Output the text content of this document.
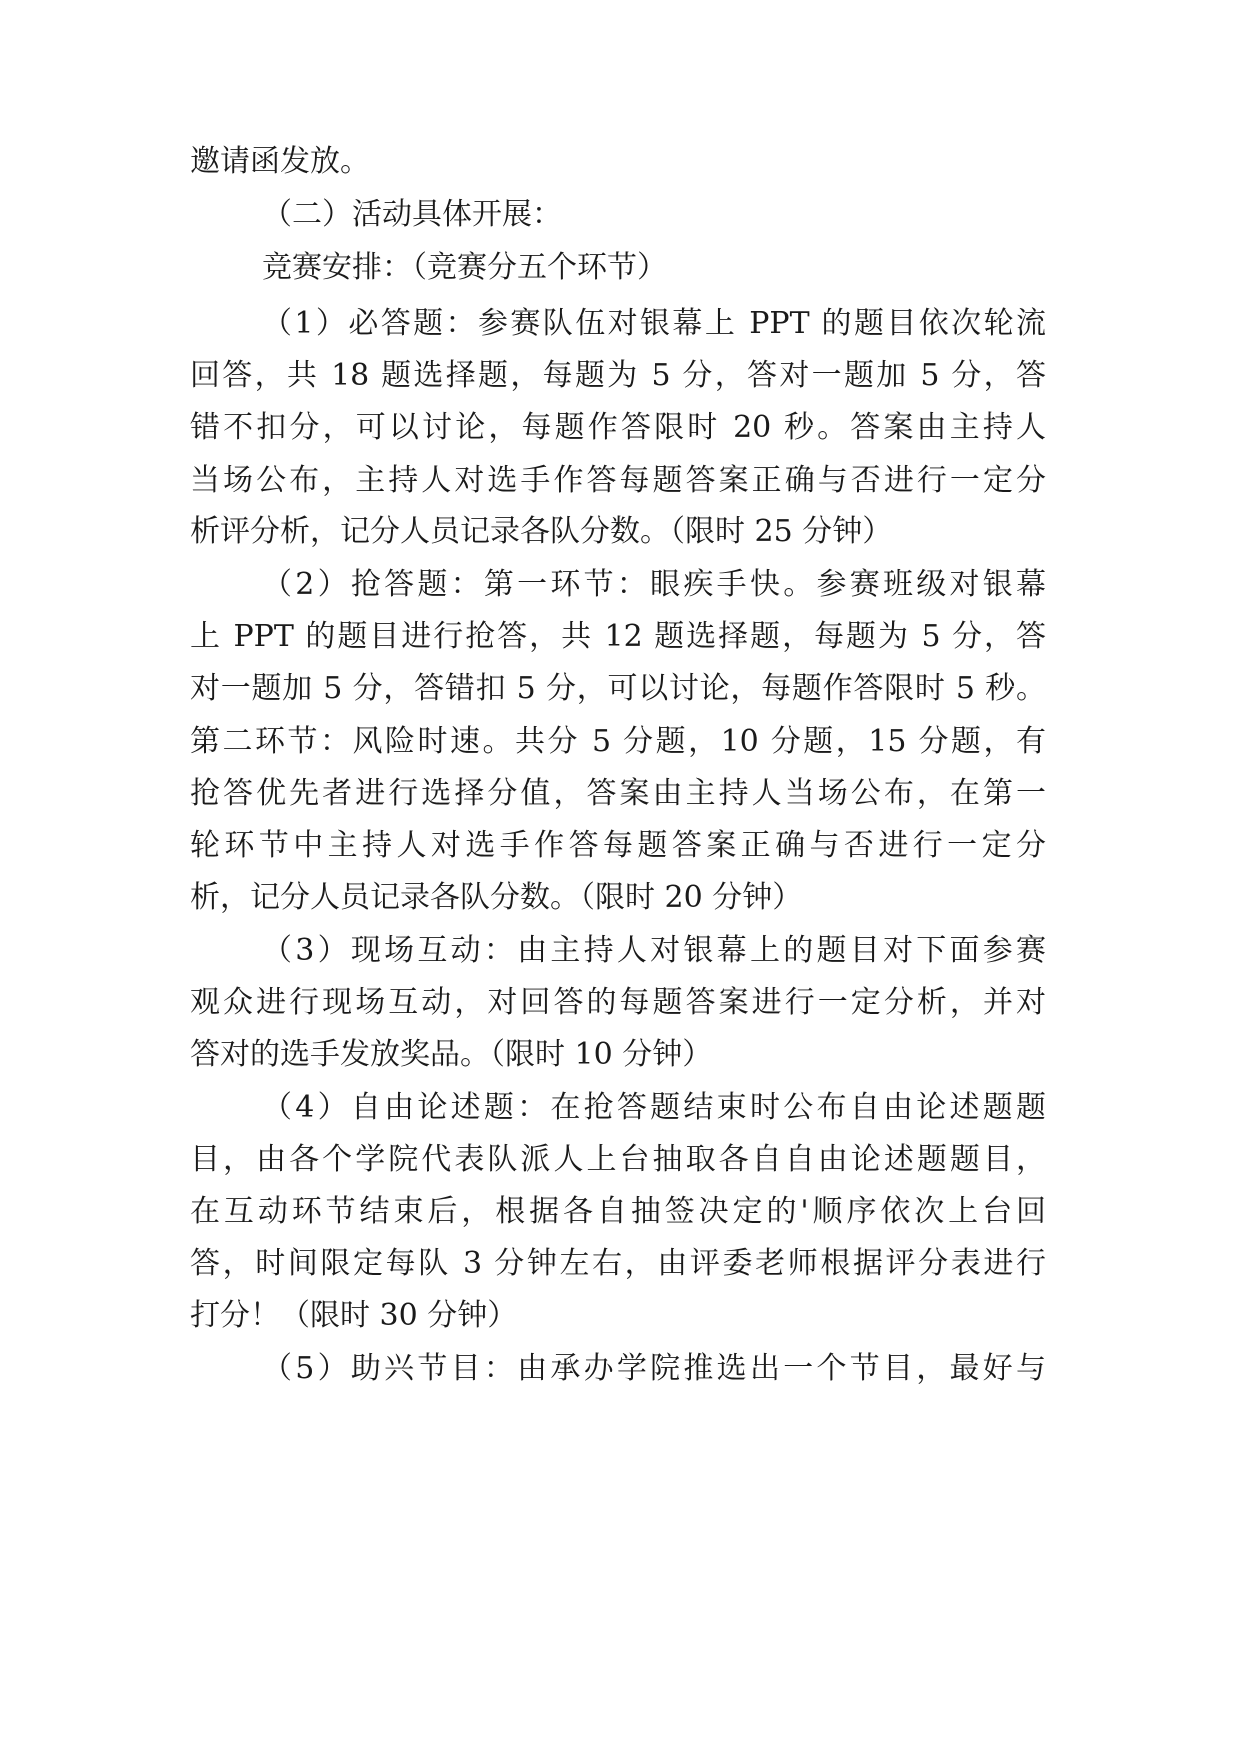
邀请函发放。
（二）活动具体开展：
竞赛安排：（竞赛分五个环节）
（1）必答题：参赛队伍对银幕上 PPT 的题目依次轮流
回答，共 18 题选择题，每题为 5 分，答对一题加 5 分，答
错不扣分，可以讨论，每题作答限时 20 秒。答案由主持人
当场公布，主持人对选手作答每题答案正确与否进行一定分
析评分析，记分人员记录各队分数。（限时 25 分钟）
（2）抢答题：第一环节：眼疾手快。参赛班级对银幕
上 PPT 的题目进行抢答，共 12 题选择题，每题为 5 分，答
对一题加 5 分，答错扣 5 分，可以讨论，每题作答限时 5 秒。
第二环节：风险时速。共分 5 分题，10 分题，15 分题，有
抢答优先者进行选择分值，答案由主持人当场公布，在第一
轮环节中主持人对选手作答每题答案正确与否进行一定分
析，记分人员记录各队分数。（限时 20 分钟）
（3）现场互动：由主持人对银幕上的题目对下面参赛
观众进行现场互动，对回答的每题答案进行一定分析，并对
答对的选手发放奖品。（限时 10 分钟）
（4）自由论述题：在抢答题结束时公布自由论述题题
目，由各个学院代表队派人上台抽取各自自由论述题题目，
在互动环节结束后，根据各自抽签决定的'顺序依次上台回
答，时间限定每队 3 分钟左右，由评委老师根据评分表进行
打分！（限时 30 分钟）
（5）助兴节目：由承办学院推选出一个节目，最好与
